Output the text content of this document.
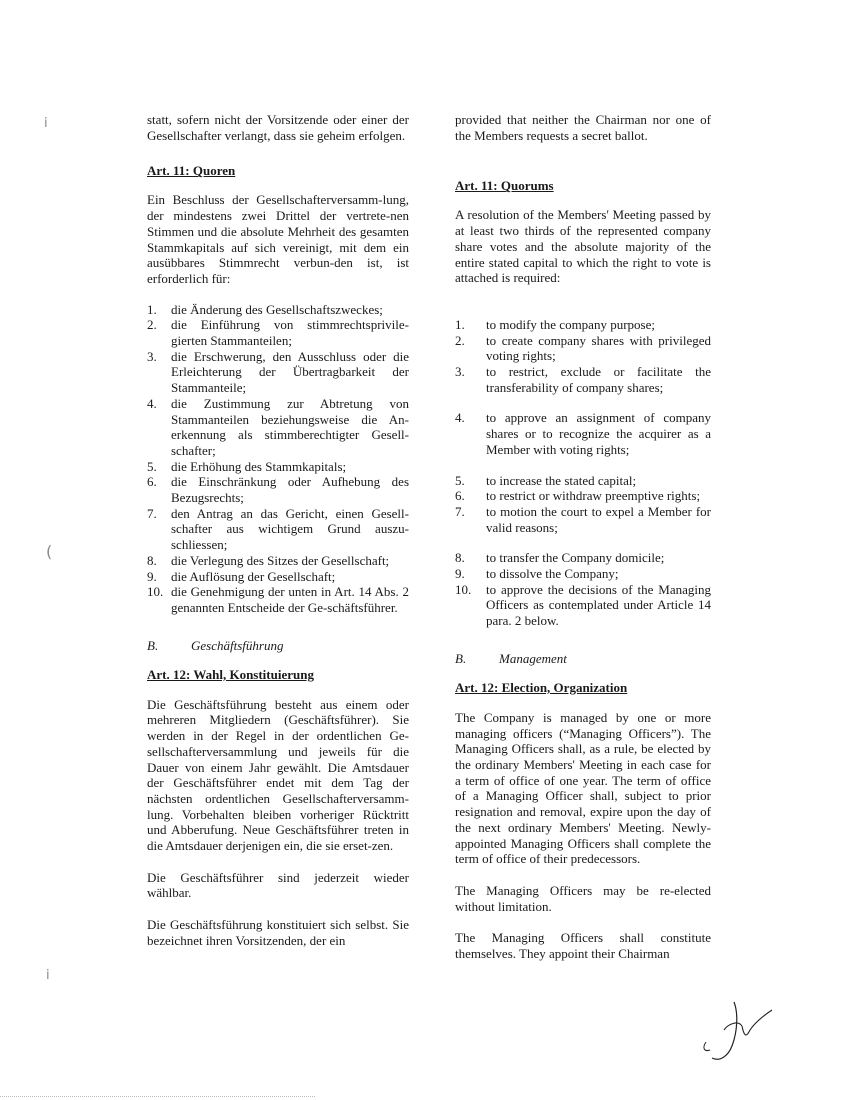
i
(
i

statt, sofern nicht der Vorsitzende oder einer der Gesellschafter verlangt, dass sie geheim erfolgen.

Art. 11: Quoren

Ein Beschluss der Gesellschafterversamm-lung, der mindestens zwei Drittel der vertrete-nen Stimmen und die absolute Mehrheit des gesamten Stammkapitals auf sich vereinigt, mit dem ein ausübbares Stimmrecht verbun-den ist, ist erforderlich für:

1.	die Änderung des Gesellschaftszweckes;
2.	die Einführung von stimmrechtsprivile-gierten Stammanteilen;
3.	die Erschwerung, den Ausschluss oder die Erleichterung der Übertragbarkeit der Stammanteile;
4.	die Zustimmung zur Abtretung von Stammanteilen beziehungsweise die An-erkennung als stimmberechtigter Gesell-schafter;
5.	die Erhöhung des Stammkapitals;
6.	die Einschränkung oder Aufhebung des Bezugsrechts;
7.	den Antrag an das Gericht, einen Gesell-schafter aus wichtigem Grund auszu-schliessen;
8.	die Verlegung des Sitzes der Gesellschaft;
9.	die Auflösung der Gesellschaft;
10. die Genehmigung der unten in Art. 14 Abs. 2 genannten Entscheide der Ge-schäftsführer.
B.	Geschäftsführung
Art. 12: Wahl, Konstituierung

Die Geschäftsführung besteht aus einem oder mehreren Mitgliedern (Geschäftsführer). Sie werden in der Regel in der ordentlichen Ge-sellschafterversammlung und jeweils für die Dauer von einem Jahr gewählt. Die Amtsdauer der Geschäftsführer endet mit dem Tag der nächsten ordentlichen Gesellschafterversamm-lung. Vorbehalten bleiben vorheriger Rücktritt und Abberufung. Neue Geschäftsführer treten in die Amtsdauer derjenigen ein, die sie erset-zen.

Die Geschäftsführer sind jederzeit wieder wählbar.

Die Geschäftsführung konstituiert sich selbst. Sie bezeichnet ihren Vorsitzenden, der ein

provided that neither the Chairman nor one of the Members requests a secret ballot.

Art. 11: Quorums

A resolution of the Members' Meeting passed by at least two thirds of the represented company share votes and the absolute majority of the entire stated capital to which the right to vote is attached is required:

1.	to modify the company purpose;
2.	to create company shares with privileged voting rights;
3.	to restrict, exclude or facilitate the transferability of company shares;
4.	to approve an assignment of company shares or to recognize the acquirer as a Member with voting rights;
5.	to increase the stated capital;
6.	to restrict or withdraw preemptive rights;
7.	to motion the court to expel a Member for valid reasons;
8.	to transfer the Company domicile;
9.	to dissolve the Company;
10.	to approve the decisions of the Managing Officers as contemplated under Article 14 para. 2 below.
B.	Management
Art. 12: Election, Organization

The Company is managed by one or more managing officers (“Managing Officers”). The Managing Officers shall, as a rule, be elected by the ordinary Members' Meeting in each case for a term of office of one year. The term of office of a Managing Officer shall, subject to prior resignation and removal, expire upon the day of the next ordinary Members' Meeting. Newly-appointed Managing Officers shall complete the term of office of their predecessors.

The Managing Officers may be re-elected without limitation.

The Managing Officers shall constitute themselves. They appoint their Chairman
